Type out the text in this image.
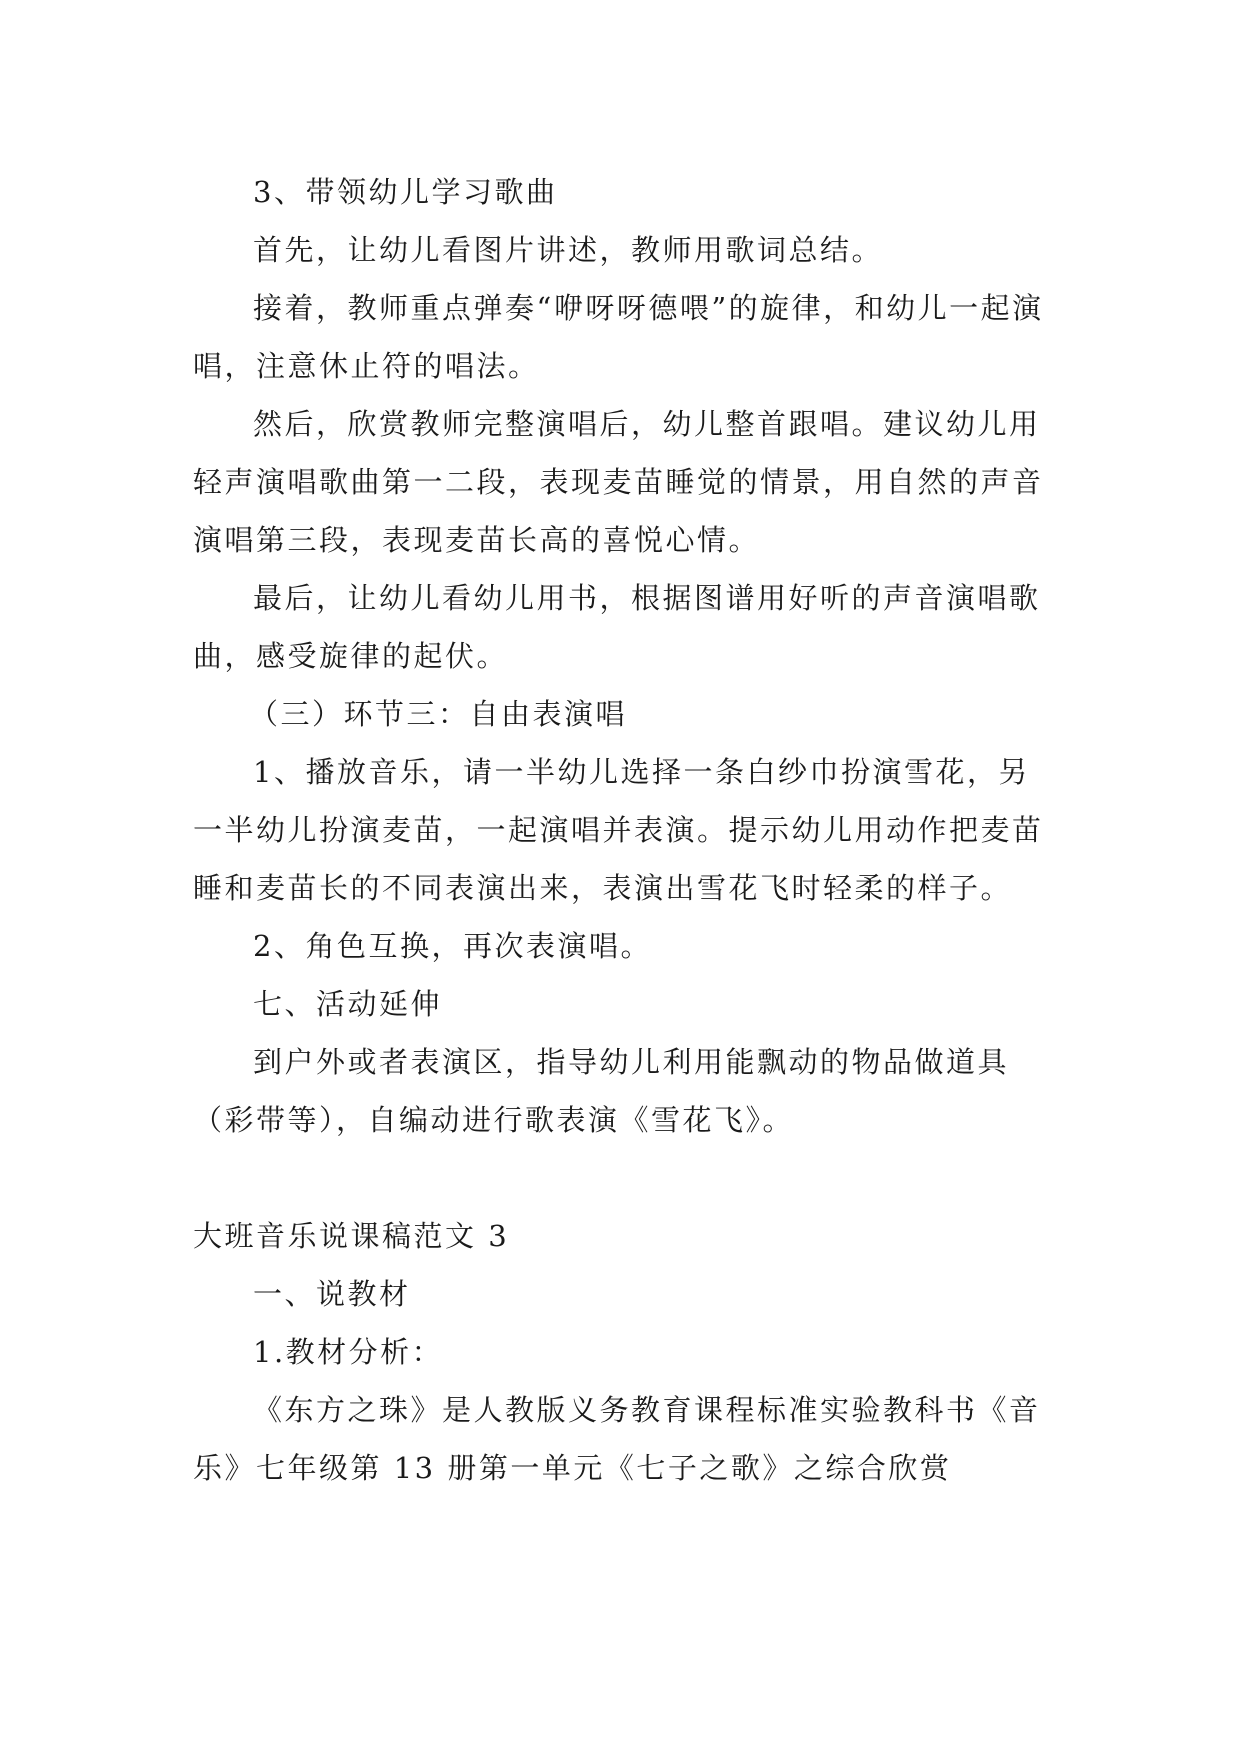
3、带领幼儿学习歌曲

首先，让幼儿看图片讲述，教师用歌词总结。

接着，教师重点弹奏“咿呀呀德喂”的旋律，和幼儿一起演唱，注意休止符的唱法。

然后，欣赏教师完整演唱后，幼儿整首跟唱。建议幼儿用轻声演唱歌曲第一二段，表现麦苗睡觉的情景，用自然的声音演唱第三段，表现麦苗长高的喜悦心情。

最后，让幼儿看幼儿用书，根据图谱用好听的声音演唱歌曲，感受旋律的起伏。

（三）环节三：自由表演唱

1、播放音乐，请一半幼儿选择一条白纱巾扮演雪花，另一半幼儿扮演麦苗，一起演唱并表演。提示幼儿用动作把麦苗睡和麦苗长的不同表演出来，表演出雪花飞时轻柔的样子。

2、角色互换，再次表演唱。

七、活动延伸

到户外或者表演区，指导幼儿利用能飘动的物品做道具（彩带等），自编动进行歌表演《雪花飞》。

大班音乐说课稿范文 3

一、说教材

1.教材分析：

《东方之珠》是人教版义务教育课程标准实验教科书《音乐》七年级第 13 册第一单元《七子之歌》之综合欣赏
